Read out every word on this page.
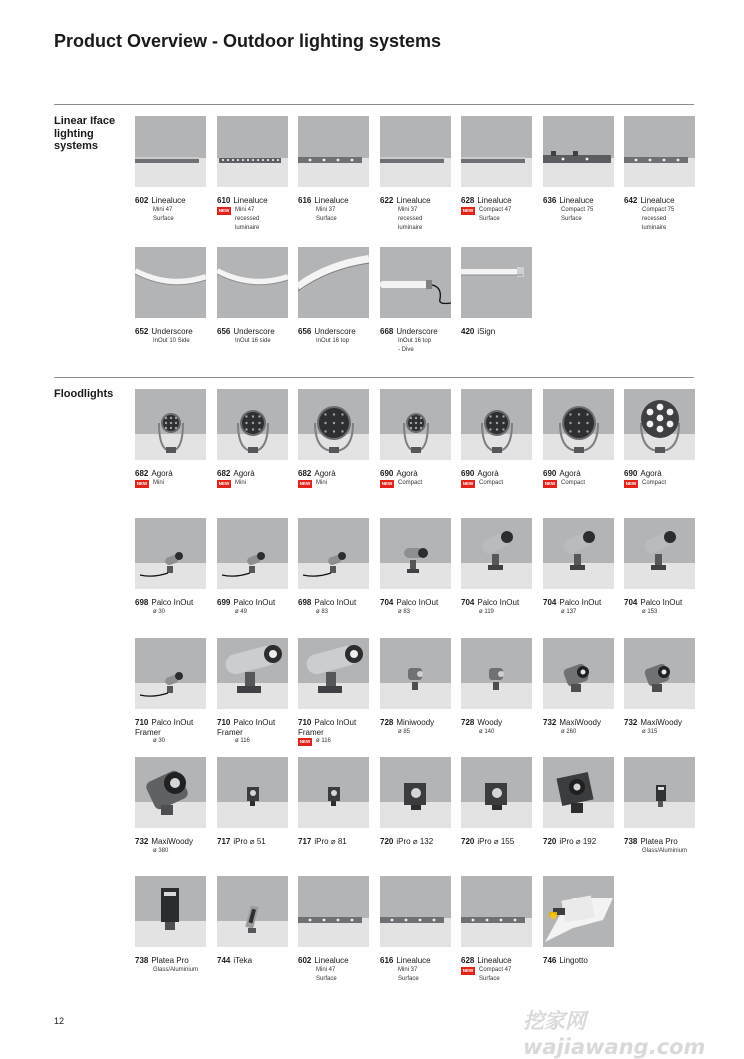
Product Overview - Outdoor lighting systems
Linear Iface lighting systems
602 Linealuce
Mini 47
Surface
610 Linealuce
NEW Mini 47
recessed
luminaire
616 Linealuce
Mini 37
Surface
622 Linealuce
Mini 37
recessed
luminaire
628 Linealuce
NEW Compact 47
Surface
636 Linealuce
Compact 75
Surface
642 Linealuce
Compact 75
recessed
luminaire
652 Underscore
InOut 10 Side
656 Underscore
InOut 16 side
656 Underscore
InOut 16 top
668 Underscore
InOut 16 top
- Dive
420 iSign
Floodlights
682 Agorà
NEW Mini
682 Agorà
NEW Mini
682 Agorà
NEW Mini
690 Agorà
NEW Compact
690 Agorà
NEW Compact
690 Agorà
NEW Compact
690 Agorà
NEW Compact
698 Palco InOut
ø 30
699 Palco InOut
ø 49
698 Palco InOut
ø 83
704 Palco InOut
ø 83
704 Palco InOut
ø 119
704 Palco InOut
ø 137
704 Palco InOut
ø 153
710 Palco InOut Framer
ø 30
710 Palco InOut Framer
ø 116
710 Palco InOut Framer
NEW ø 116
728 Miniwoody
ø 85
728 Woody
ø 140
732 MaxiWoody
ø 260
732 MaxiWoody
ø 315
732 MaxiWoody
ø 380
717 iPro ⌀ 51	717 iPro ⌀ 81	720 iPro ⌀ 132	720 iPro ⌀ 155	720 iPro ⌀ 192	738 Platea Pro
Glass/Aluminium
738 Platea Pro
Glass/Aluminium
744 iTeka	602 Linealuce
Mini 47
Surface
616 Linealuce
Mini 37
Surface
628 Linealuce
NEW Compact 47
Surface
746 Lingotto
12	挖家网 wajiawang.com
